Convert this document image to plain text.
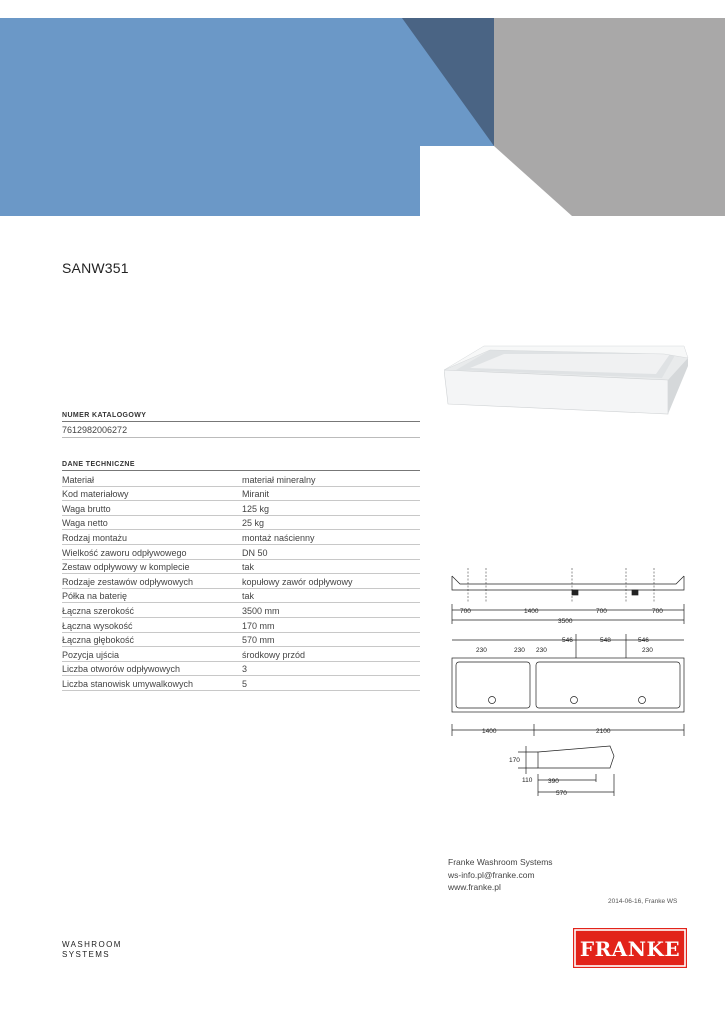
SANW351
NUMER KATALOGOWY
7612982006272
DANE TECHNICZNE
Materiał	materiał mineralny
Kod materiałowy	Miranit
Waga brutto	125 kg
Waga netto	25 kg
Rodzaj montażu	montaż naścienny
Wielkość zaworu odpływowego	DN 50
Zestaw odpływowy w komplecie	tak
Rodzaje zestawów odpływowych	kopułowy zawór odpływowy
Półka na baterię	tak
Łączna szerokość	3500 mm
Łączna wysokość	170 mm
Łączna głębokość	570 mm
Pozycja ujścia	środkowy przód
Liczba otworów odpływowych	3
Liczba stanowisk umywalkowych	5
700	1400	700	700
3500
230	230 230
546	548	546
230
1400	2100
170
110 390
570
Franke Washroom Systems
ws-info.pl@franke.com
www.franke.pl
2014-06-16, Franke WS
WASHROOM
SYSTEMS	FRANKE
